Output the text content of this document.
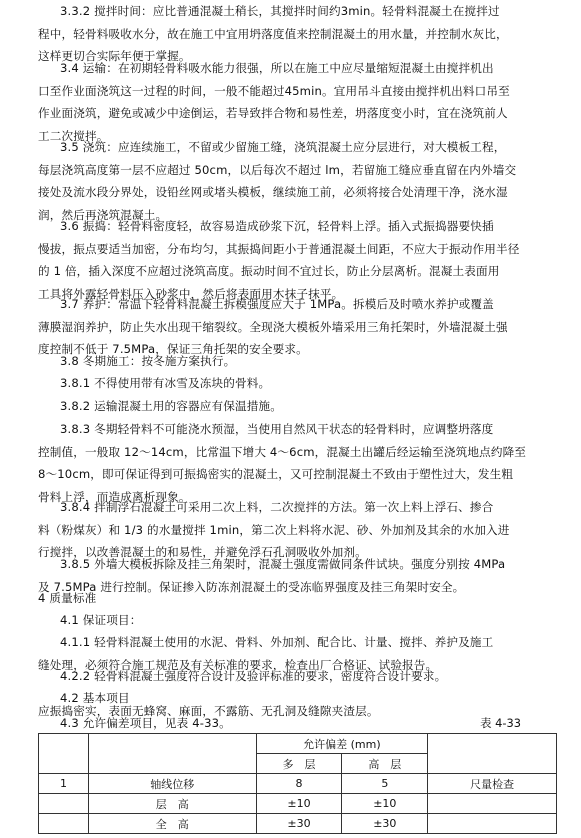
3.3.2 搅拌时间：应比普通混凝土稍长，其搅拌时间约3min。轻骨料混凝土在搅拌过
程中，轻骨料吸收水分，故在施工中宜用坍落度值来控制混凝土的用水量，并控制水灰比，
这样更切合实际年便于掌握。

3.4 运输：在初期轻骨料吸水能力很强，所以在施工中应尽量缩短混凝土由搅拌机出
口至作业面浇筑这一过程的时间，一般不能超过45min。宜用吊斗直接由搅拌机出料口吊至
作业面浇筑，避免或减少中途倒运，若导致拌合物和易性差，坍落度变小时，宜在浇筑前人
工二次搅拌。

3.5 浇筑：应连续施工，不留或少留施工缝，浇筑混凝土应分层进行，对大模板工程，
每层浇筑高度第一层不应超过 50cm，以后每次不超过 lm，若留施工缝应垂直留在内外墙交
接处及流水段分界处，设铅丝网或堵头模板，继续施工前，必须将接合处清理干净，浇水湿
润，然后再浇筑混凝土。

3.6 振捣：轻骨料密度轻，故容易造成砂浆下沉，轻骨料上浮。插入式振捣器要快插
慢拔，振点要适当加密，分布均匀，其振捣间距小于普通混凝土间距，不应大于振动作用半径
的 1 倍，插入深度不应超过浇筑高度。振动时间不宜过长，防止分层离析。混凝土表面用
工具将外露轻骨料压入砂浆中，然后将表面用木抹子抹平。

3.7 养护：常温下轻骨料混凝土拆模强度应大于 1MPa。拆模后及时喷水养护或覆盖
薄膜湿润养护，防止失水出现干缩裂纹。全现浇大模板外墙采用三角托架时，外墙混凝土强
度控制不低于 7.5MPa，保证三角托架的安全要求。

3.8 冬期施工：按冬施方案执行。

3.8.1 不得使用带有冰雪及冻块的骨料。

3.8.2 运输混凝土用的容器应有保温措施。

3.8.3 冬期轻骨料不可能浇水预湿，当使用自然风干状态的轻骨料时，应调整坍落度
控制值，一般取 12～14cm，比常温下增大 4～6cm，混凝土出罐后经运输至浇筑地点约降至
8～10cm，即可保证得到可振捣密实的混凝土，又可控制混凝土不致由于塑性过大，发生粗
骨料上浮，而造成离析现象。

3.8.4 拌制浮石混凝土可采用二次上料，二次搅拌的方法。第一次上料上浮石、掺合
料（粉煤灰）和 1/3 的水量搅拌 1min，第二次上料将水泥、砂、外加剂及其余的水加入进
行搅拌，以改善混凝土的和易性，并避免浮石孔洞吸收外加剂。

3.8.5 外墙大模板拆除及挂三角架时，混凝土强度需做同条件试块。强度分别按 4MPa
及 7.5MPa 进行控制。保证掺入防冻剂混凝土的受冻临界强度及挂三角架时安全。

4 质量标准

4.1 保证项目：

4.1.1 轻骨料混凝土使用的水泥、骨料、外加剂、配合比、计量、搅拌、养护及施工
缝处理，必须符合施工规范及有关标准的要求，检查出厂合格证、试验报告。

4.2.2 轻骨料混凝土强度符合设计及验评标准的要求，密度符合设计要求。

4.2 基本项目

应振捣密实，表面无蜂窝、麻面，不露筋、无孔洞及缝隙夹渣层。

4.3 允许偏差项目，见表 4-33。	表 4-33
		允许偏差 (mm)		
		多　层	高　层	
1	轴线位移	8	5	尺量检查
	层　高	±10	±10	
	全　高	±30	±30	
